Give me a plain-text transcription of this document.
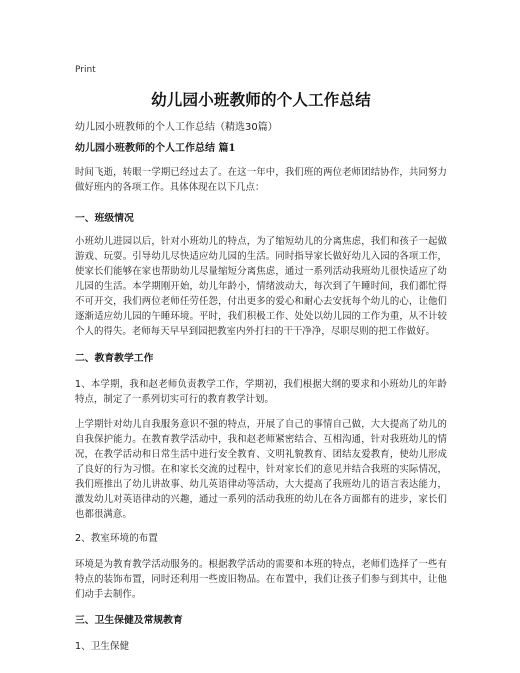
Print
幼儿园小班教师的个人工作总结
幼儿园小班教师的个人工作总结（精选30篇）
幼儿园小班教师的个人工作总结 篇1

时间飞逝，转眼一学期已经过去了。在这一年中，我们班的两位老师团结协作，共同努力做好班内的各项工作。具体体现在以下几点：

一、班级情况

小班幼儿进园以后，针对小班幼儿的特点，为了缩短幼儿的分离焦虑，我们和孩子一起做游戏、玩耍。引导幼儿尽快适应幼儿园的生活。同时指导家长做好幼儿入园的各项工作，使家长们能够在家也帮助幼儿尽量缩短分离焦虑，通过一系列活动我班幼儿很快适应了幼儿园的生活。本学期刚开始，幼儿年龄小，情绪波动大，每次到了午睡时间，我们都忙得不可开交，我们两位老师任劳任怨，付出更多的爱心和耐心去安抚每个幼儿的心，让他们逐渐适应幼儿园的午睡环境。平时，我们积极工作、处处以幼儿园的工作为重，从不计较个人的得失。老师每天早早到园把教室内外打扫的干干净净，尽职尽则的把工作做好。

二、教育教学工作

1、本学期，我和赵老师负责教学工作，学期初，我们根据大纲的要求和小班幼儿的年龄特点，制定了一系列切实可行的教育教学计划。

上学期针对幼儿自我服务意识不强的特点，开展了自己的事情自己做，大大提高了幼儿的自我保护能力。在教育教学活动中，我和赵老师紧密结合、互相沟通，针对我班幼儿的情况，在教学活动和日常生活中进行安全教育、文明礼貌教育、团结友爱教育，使幼儿形成了良好的行为习惯。在和家长交流的过程中，针对家长们的意见并结合我班的实际情况，我们班推出了幼儿讲故事、幼儿英语律动等活动，大大提高了我班幼儿的语言表达能力，激发幼儿对英语律动的兴趣，通过一系列的活动我班的幼儿在各方面都有的进步，家长们也都很满意。

2、教室环境的布置

环境是为教育教学活动服务的。根据教学活动的需要和本班的特点，老师们选择了一些有特点的装饰布置，同时还利用一些废旧物品。在布置中，我们让孩子们参与到其中，让他们动手去制作。

三、卫生保健及常规教育
1、卫生保健
